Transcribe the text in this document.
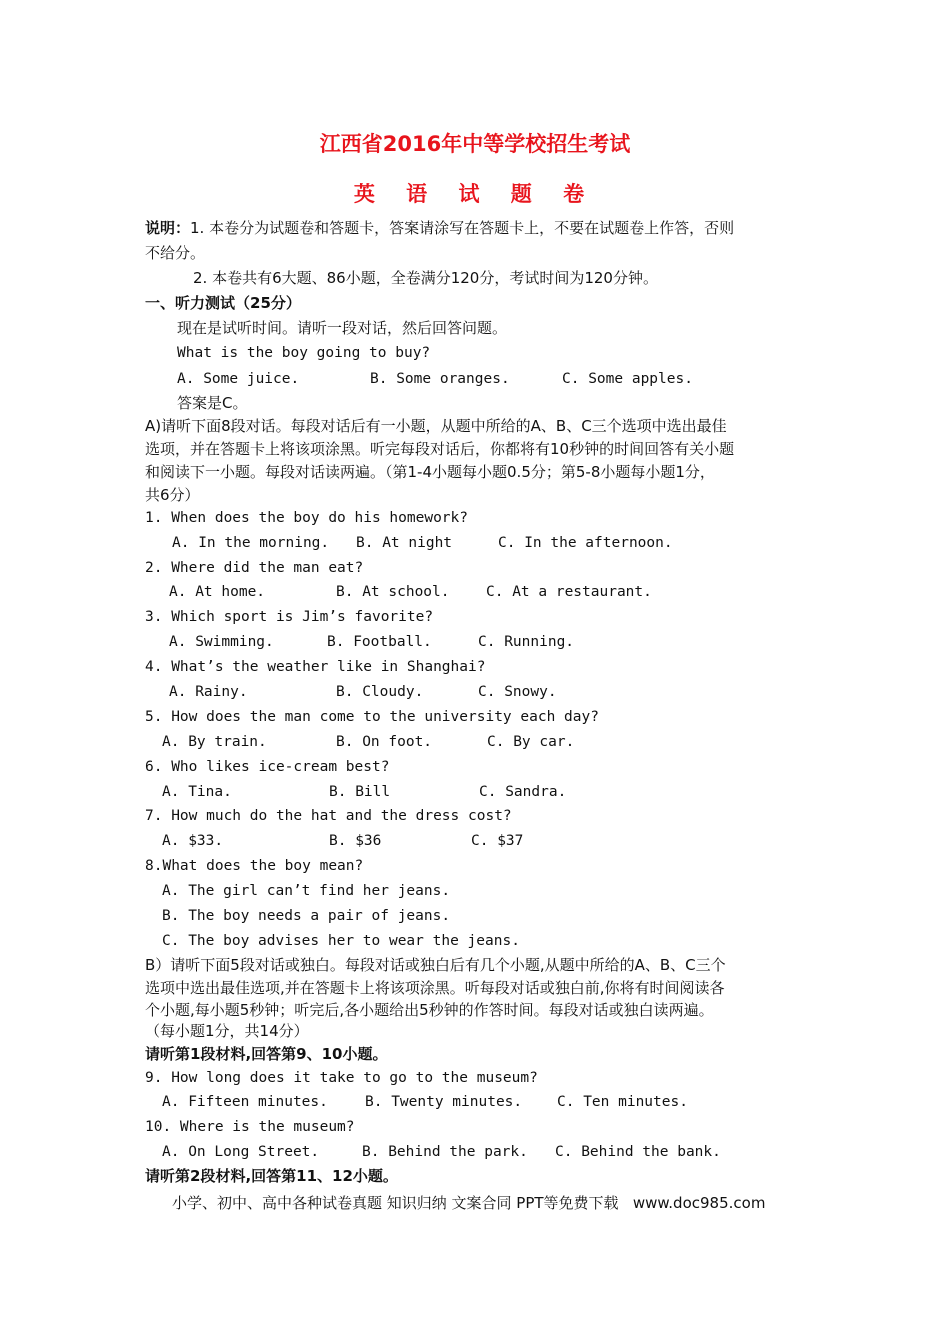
江西省2016年中等学校招生考试
英 语 试 题 卷
说明：1. 本卷分为试题卷和答题卡，答案请涂写在答题卡上，不要在试题卷上作答，否则
不给分。
2. 本卷共有6大题、86小题，全卷满分120分，考试时间为120分钟。
一、听力测试（25分）
现在是试听时间。请听一段对话，然后回答问题。
What is the boy going to buy?
A. Some juice.	B. Some oranges.	C. Some apples.
答案是C。
A)请听下面8段对话。每段对话后有一小题，从题中所给的A、B、C三个选项中选出最佳
选项，并在答题卡上将该项涂黑。听完每段对话后，你都将有10秒钟的时间回答有关小题
和阅读下一小题。每段对话读两遍。（第1-4小题每小题0.5分；第5-8小题每小题1分，
共6分）
1. When does the boy do his homework?
A. In the morning. B. At night	C. In the afternoon.
2. Where did the man eat?
A. At home.	B. At school.	C. At a restaurant.
3. Which sport is Jim’s favorite?
A. Swimming.	B. Football.	C. Running.
4. What’s the weather like in Shanghai?
A. Rainy.	B. Cloudy.	C. Snowy.
5. How does the man come to the university each day?
A. By train.	B. On foot.	C. By car.
6. Who likes ice-cream best?
A. Tina.	B. Bill	C. Sandra.
7. How much do the hat and the dress cost?
A. $33.	B. $36	C. $37
8.What does the boy mean?
A. The girl can’t find her jeans.
B. The boy needs a pair of jeans.
C. The boy advises her to wear the jeans.
B）请听下面5段对话或独白。每段对话或独白后有几个小题,从题中所给的A、B、C三个
选项中选出最佳选项,并在答题卡上将该项涂黑。听每段对话或独白前,你将有时间阅读各
个小题,每小题5秒钟；听完后,各小题给出5秒钟的作答时间。每段对话或独白读两遍。
（每小题1分，共14分）
请听第1段材料,回答第9、10小题。
9. How long does it take to go to the museum?
A. Fifteen minutes.	B. Twenty minutes. C. Ten minutes.
10. Where is the museum?
A. On Long Street.	B. Behind the park. C. Behind the bank.
请听第2段材料,回答第11、12小题。
小学、初中、高中各种试卷真题 知识归纳 文案合同 PPT等免费下载   www.doc985.com
